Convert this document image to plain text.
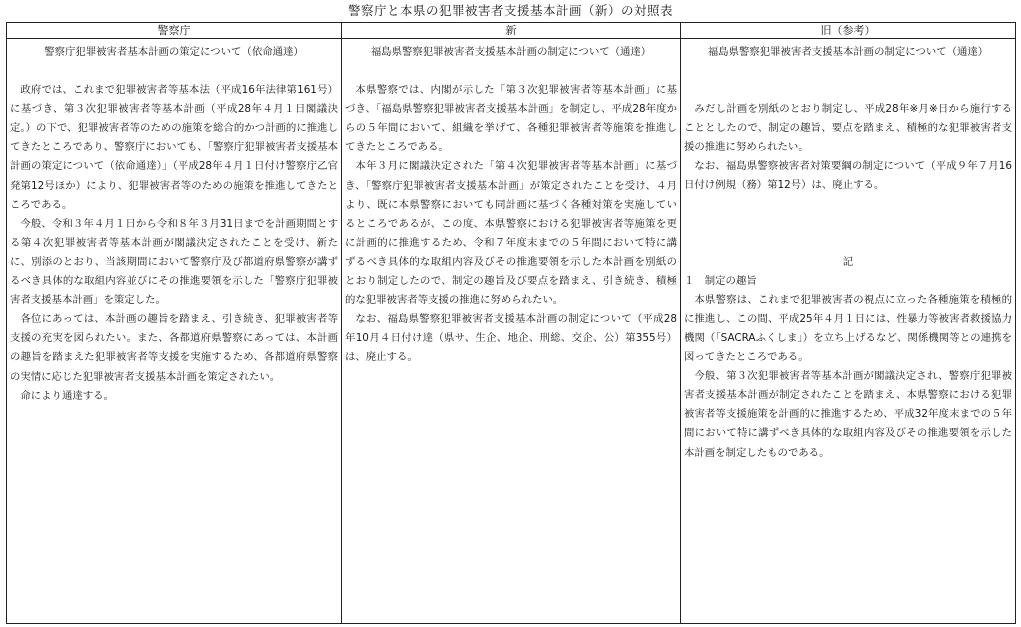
警察庁と本県の犯罪被害者支援基本計画（新）の対照表
警察庁	新	旧（参考）

警察庁犯罪被害者基本計画の策定について（依命通達）

政府では、これまで犯罪被害者等基本法（平成16年法律第161号）に基づき、第３次犯罪被害者等基本計画（平成28年４月１日閣議決定。）の下で、犯罪被害者等のための施策を総合的かつ計画的に推進してきたところであり、警察庁においても、「警察庁犯罪被害者支援基本計画の策定について（依命通達）」（平成28年４月１日付け警察庁乙官発第12号ほか）により、犯罪被害者等のための施策を推進してきたところである。

今般、令和３年４月１日から令和８年３月31日までを計画期間とする第４次犯罪被害者等基本計画が閣議決定されたことを受け、新たに、別添のとおり、当該期間において警察庁及び都道府県警察が講ずるべき具体的な取組内容並びにその推進要領を示した「警察庁犯罪被害者支援基本計画」を策定した。

各位にあっては、本計画の趣旨を踏まえ、引き続き、犯罪被害者等支援の充実を図られたい。また、各都道府県警察にあっては、本計画の趣旨を踏まえた犯罪被害者等支援を実施するため、各都道府県警察の実情に応じた犯罪被害者支援基本計画を策定されたい。

命により通達する。

福島県警察犯罪被害者支援基本計画の制定について（通達）

本県警察では、内閣が示した「第３次犯罪被害者等基本計画」に基づき、「福島県警察犯罪被害者支援基本計画」を制定し、平成28年度からの５年間において、組織を挙げて、各種犯罪被害者等施策を推進してきたところである。

本年３月に閣議決定された「第４次犯罪被害者等基本計画」に基づき、「警察庁犯罪被害者支援基本計画」が策定されたことを受け、４月より、既に本県警察においても同計画に基づく各種対策を実施しているところであるが、この度、本県警察における犯罪被害者等施策を更に計画的に推進するため、令和７年度末までの５年間において特に講ずるべき具体的な取組内容及びその推進要領を示した本計画を別紙のとおり制定したので、制定の趣旨及び要点を踏まえ、引き続き、積極的な犯罪被害者等支援の推進に努められたい。

なお、福島県警察犯罪被害者支援基本計画の制定について（平成28年10月４日付け達（県サ、生企、地企、刑総、交企、公）第355号）は、廃止する。

福島県警察犯罪被害者支援基本計画の制定について（通達）

みだし計画を別紙のとおり制定し、平成28年※月※日から施行することとしたので、制定の趣旨、要点を踏まえ、積極的な犯罪被害者支援の推進に努められたい。

なお、福島県警察被害者対策要綱の制定について（平成９年７月16日付け例規（務）第12号）は、廃止する。

記

１　制定の趣旨

本県警察は、これまで犯罪被害者の視点に立った各種施策を積極的に推進し、この間、平成25年４月１日には、性暴力等被害者救援協力機関（「SACRAふくしま」）を立ち上げるなど、関係機関等との連携を図ってきたところである。

今般、第３次犯罪被害者等基本計画が閣議決定され、警察庁犯罪被害者支援基本計画が制定されたことを踏まえ、本県警察における犯罪被害者等支援施策を計画的に推進するため、平成32年度末までの５年間において特に講ずべき具体的な取組内容及びその推進要領を示した本計画を制定したものである。
